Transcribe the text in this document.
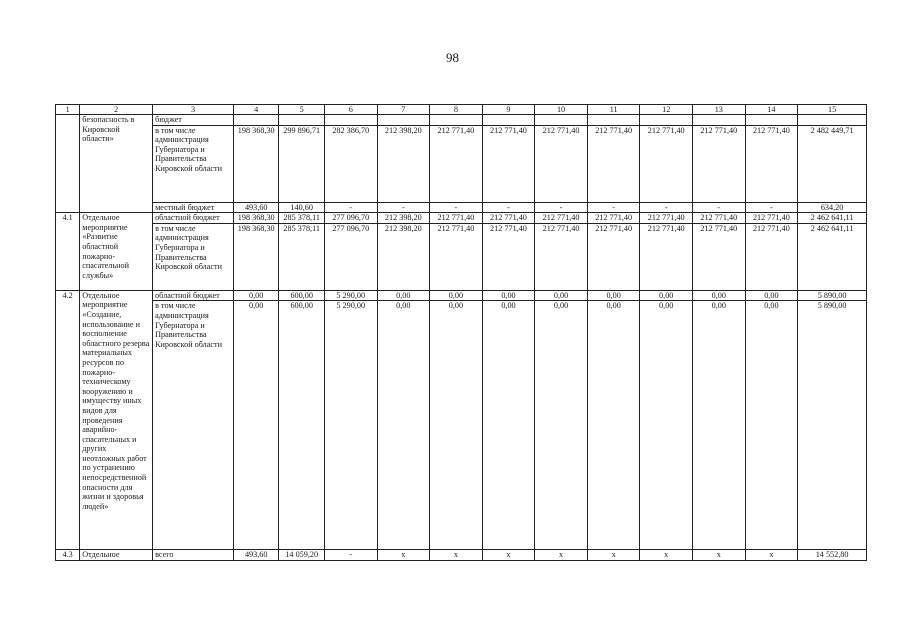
98
1	2	3	4	5	6	7	8	9	10	11	12	13	14	15
	безопасность в Кировской области»	бюджет												
		в том числе администрация Губернатора и Правительства Кировской области	198 368,30	299 896,71	282 386,70	212 398,20	212 771,40	212 771,40	212 771,40	212 771,40	212 771,40	212 771,40	212 771,40	2 482 449,71
		местный бюджет	493,60	140,60	-	-	-	-	-	-	-	-	-	634,20
4.1	Отдельное мероприятие «Развитие областной пожарно-спасательной службы»	областной бюджет	198 368,30	285 378,11	277 096,70	212 398,20	212 771,40	212 771,40	212 771,40	212 771,40	212 771,40	212 771,40	212 771,40	2 462 641,11
		в том числе администрация Губернатора и Правительства Кировской области	198 368,30	285 378,11	277 096,70	212 398,20	212 771,40	212 771,40	212 771,40	212 771,40	212 771,40	212 771,40	212 771,40	2 462 641,11
4.2	Отдельное мероприятие «Создание, использование и восполнение областного резерва материальных ресурсов по пожарно-техническому вооружению и имуществу иных видов для проведения аварийно-спасательных и других неотложных работ по устранению непосредственной опасности для жизни и здоровья людей»	областной бюджет	0,00	600,00	5 290,00	0,00	0,00	0,00	0,00	0,00	0,00	0,00	0,00	5 890,00
		в том числе администрация Губернатора и Правительства Кировской области	0,00	600,00	5 290,00	0,00	0,00	0,00	0,00	0,00	0,00	0,00	0,00	5 890,00
4.3	Отдельное	всего	493,60	14 059,20	-	x	x	x	x	x	x	x	x	14 552,80
